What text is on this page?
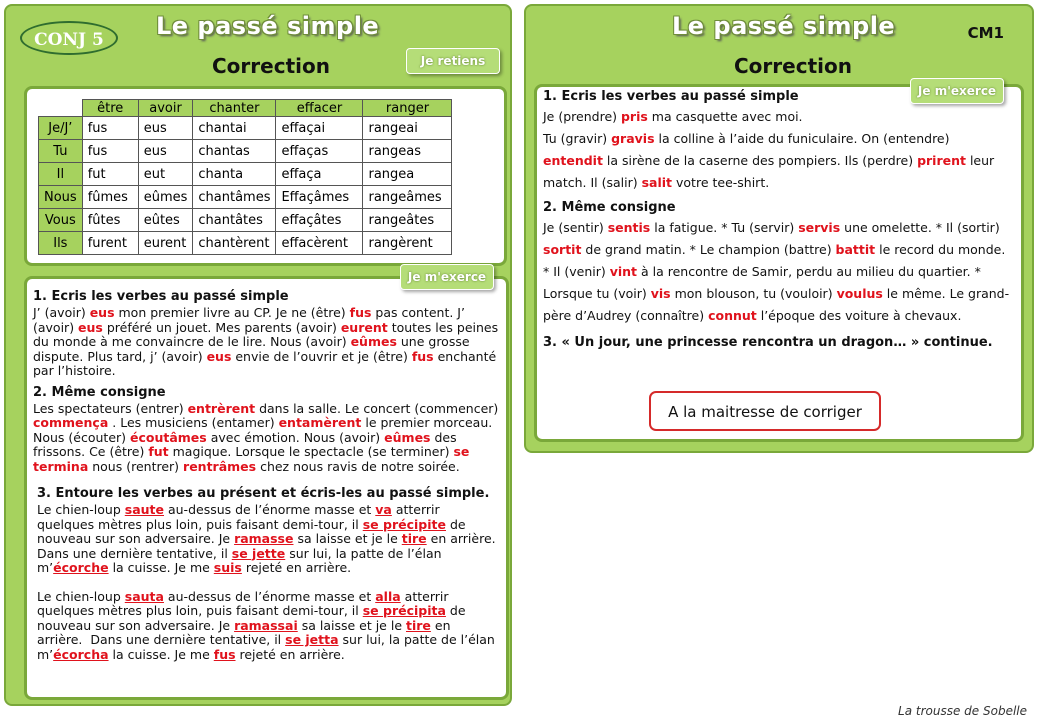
CONJ 5	Le passé simple
Correction	Je retiens
	être	avoir	chanter	effacer	ranger
Je/J’	fus	eus	chantai	effaçai	rangeai
Tu	fus	eus	chantas	effaças	rangeas
Il	fut	eut	chanta	effaça	rangea
Nous	fûmes	eûmes	chantâmes	Effaçâmes	rangeâmes
Vous	fûtes	eûtes	chantâtes	effaçâtes	rangeâtes
Ils	furent	eurent	chantèrent	effacèrent	rangèrent
1. Ecris les verbes au passé simple
J’ (avoir) eus mon premier livre au CP. Je ne (être) fus pas content. J’ (avoir) eus préféré un jouet. Mes parents (avoir) eurent toutes les peines du monde à me convaincre de le lire. Nous (avoir) eûmes une grosse dispute. Plus tard, j’ (avoir) eus envie de l’ouvrir et je (être) fus enchanté par l’histoire.
2. Même consigne
Les spectateurs (entrer) entrèrent dans la salle. Le concert (commencer) commença . Les musiciens (entamer) entamèrent le premier morceau. Nous (écouter) écoutâmes avec émotion. Nous (avoir) eûmes des frissons. Ce (être) fut magique. Lorsque le spectacle (se terminer) se termina nous (rentrer) rentrâmes chez nous ravis de notre soirée.
3. Entoure les verbes au présent et écris-les au passé simple.
Le chien-loup saute au-dessus de l’énorme masse et va atterrir quelques mètres plus loin, puis faisant demi-tour, il se précipite de nouveau sur son adversaire. Je ramasse sa laisse et je le tire en arrière.  Dans une dernière tentative, il se jette sur lui, la patte de l’élan m’écorche la cuisse. Je me suis rejeté en arrière.
Le chien-loup sauta au-dessus de l’énorme masse et alla atterrir quelques mètres plus loin, puis faisant demi-tour, il se précipita de nouveau sur son adversaire. Je ramassai sa laisse et je le tire en arrière.  Dans une dernière tentative, il se jetta sur lui, la patte de l’élan m’écorcha la cuisse. Je me fus rejeté en arrière.
Je m'exerce
Le passé simple	CM1
Correction
1. Ecris les verbes au passé simple
Je (prendre) pris ma casquette avec moi.
Tu (gravir) gravis la colline à l’aide du funiculaire. On (entendre) entendit la sirène de la caserne des pompiers. Ils (perdre) prirent leur match. Il (salir) salit votre tee-shirt.
2. Même consigne
Je (sentir) sentis la fatigue. * Tu (servir) servis une omelette. * Il (sortir) sortit de grand matin. * Le champion (battre) battit le record du monde. * Il (venir) vint à la rencontre de Samir, perdu au milieu du quartier. * Lorsque tu (voir) vis mon blouson, tu (vouloir) voulus le même. Le grand-père d’Audrey (connaître) connut l’époque des voiture à chevaux.
3. « Un jour, une princesse rencontra un dragon… » continue.
A la maitresse de corriger
Je m'exerce
La trousse de Sobelle
